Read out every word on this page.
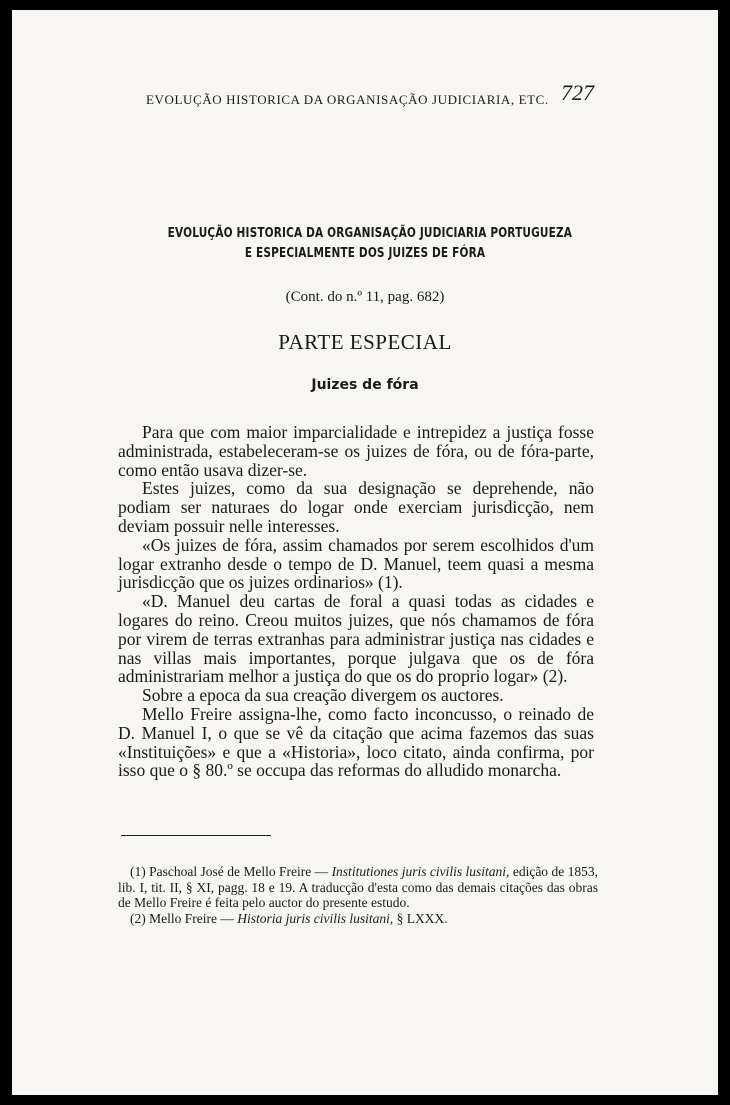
EVOLUÇÃO HISTORICA DA ORGANISAÇÃO JUDICIARIA, ETC. 727
EVOLUÇÃO HISTORICA DA ORGANISAÇÃO JUDICIARIA PORTUGUEZA
E ESPECIALMENTE DOS JUIZES DE FÓRA
(Cont. do n.º 11, pag. 682)
PARTE ESPECIAL
Juizes de fóra

Para que com maior imparcialidade e intrepidez a justiça fosse administrada, estabeleceram-se os juizes de fóra, ou de fóra-parte, como então usava dizer-se.

Estes juizes, como da sua designação se deprehende, não podiam ser naturaes do logar onde exerciam jurisdicção, nem deviam possuir nelle interesses.

«Os juizes de fóra, assim chamados por serem escolhidos d'um logar extranho desde o tempo de D. Manuel, teem quasi a mesma jurisdicção que os juizes ordinarios» (1).

«D. Manuel deu cartas de foral a quasi todas as cidades e logares do reino. Creou muitos juizes, que nós chamamos de fóra por virem de terras extranhas para administrar justiça nas cidades e nas villas mais importantes, porque julgava que os de fóra administrariam melhor a justiça do que os do proprio logar» (2).

Sobre a epoca da sua creação divergem os auctores.

Mello Freire assigna-lhe, como facto inconcusso, o reinado de D. Manuel I, o que se vê da citação que acima fazemos das suas «Instituições» e que a «Historia», loco citato, ainda confirma, por isso que o § 80.º se occupa das reformas do alludido monarcha.

(1) Paschoal José de Mello Freire — Institutiones juris civilis lusitani, edição de 1853, lib. I, tit. II, § XI, pagg. 18 e 19. A traducção d'esta como das demais citações das obras de Mello Freire é feita pelo auctor do presente estudo.

(2) Mello Freire — Historia juris civilis lusitani, § LXXX.
